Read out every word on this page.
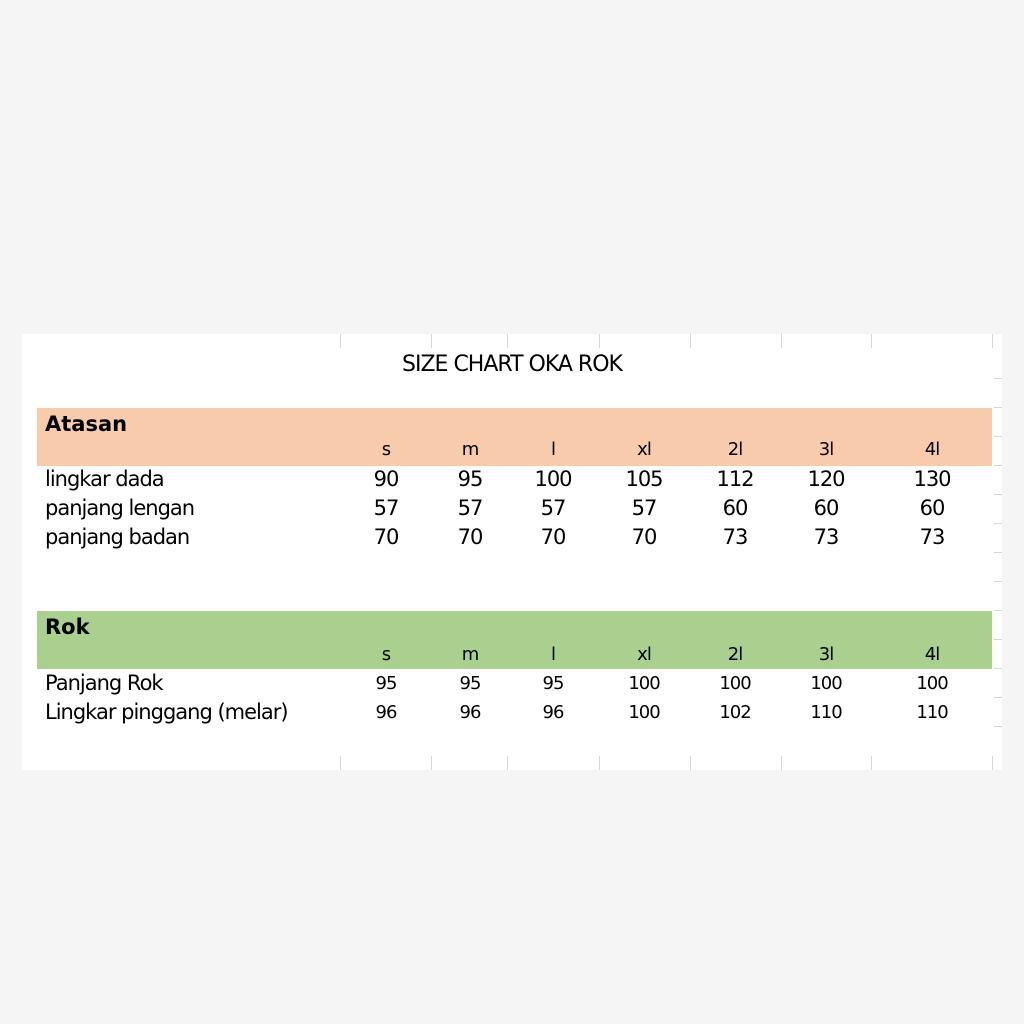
SIZE CHART OKA ROK
Atasan
Rok
s	m	l	xl	2l	3l	4l
lingkar dada	90	95	100	105	112	120	130
panjang lengan	57	57	57	57	60	60	60
panjang badan	70	70	70	70	73	73	73
s	m	l	xl	2l	3l	4l
Panjang Rok	95	95	95	100	100	100	100
Lingkar pinggang (melar)	96	96	96	100	102	110	110
